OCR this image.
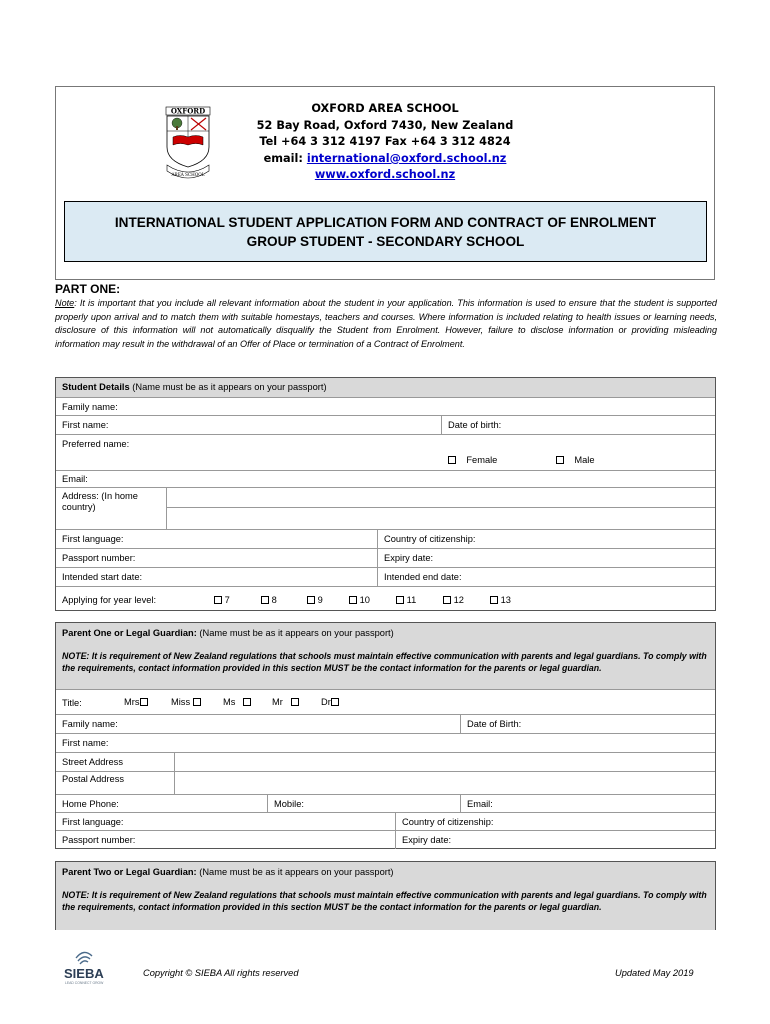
OXFORD
AREA SCHOOL
OXFORD AREA SCHOOL
52 Bay Road, Oxford 7430, New Zealand
Tel +64 3 312 4197 Fax +64 3 312 4824
email: international@oxford.school.nz
www.oxford.school.nz
INTERNATIONAL STUDENT APPLICATION FORM AND CONTRACT OF ENROLMENT
GROUP STUDENT - SECONDARY SCHOOL
PART ONE:
Note: It is important that you include all relevant information about the student in your application. This information is used to ensure that the student is supported properly upon arrival and to match them with suitable homestays, teachers and courses. Where information is included relating to health issues or learning needs, disclosure of this information will not automatically disqualify the Student from Enrolment. However, failure to disclose information or providing misleading information may result in the withdrawal of an Offer of Place or termination of a Contract of Enrolment.
Student Details (Name must be as it appears on your passport)
Family name:
First name:	Date of birth:
Preferred name:
Female	Male
Email:
Address: (In home country)
First language:	Country of citizenship:
Passport number:	Expiry date:
Intended start date:	Intended end date:
Applying for year level:	7	8	9	10	11	12	13
Parent One or Legal Guardian: (Name must be as it appears on your passport)
NOTE: It is requirement of New Zealand regulations that schools must maintain effective communication with parents and legal guardians. To comply with the requirements, contact information provided in this section MUST be the contact information for the parents or legal guardian.
Title:	Mrs	Miss	Ms	Mr	Dr
Family name:	Date of Birth:
First name:
Street Address
Postal Address
Home Phone:	Mobile:	Email:
First language:	Country of citizenship:
Passport number:	Expiry date:
Parent Two or Legal Guardian: (Name must be as it appears on your passport)
NOTE: It is requirement of New Zealand regulations that schools must maintain effective communication with parents and legal guardians. To comply with the requirements, contact information provided in this section MUST be the contact information for the parents or legal guardian.
SIEBA
LEAD CONNECT GROW
Copyright © SIEBA All rights reserved	Updated May 2019
